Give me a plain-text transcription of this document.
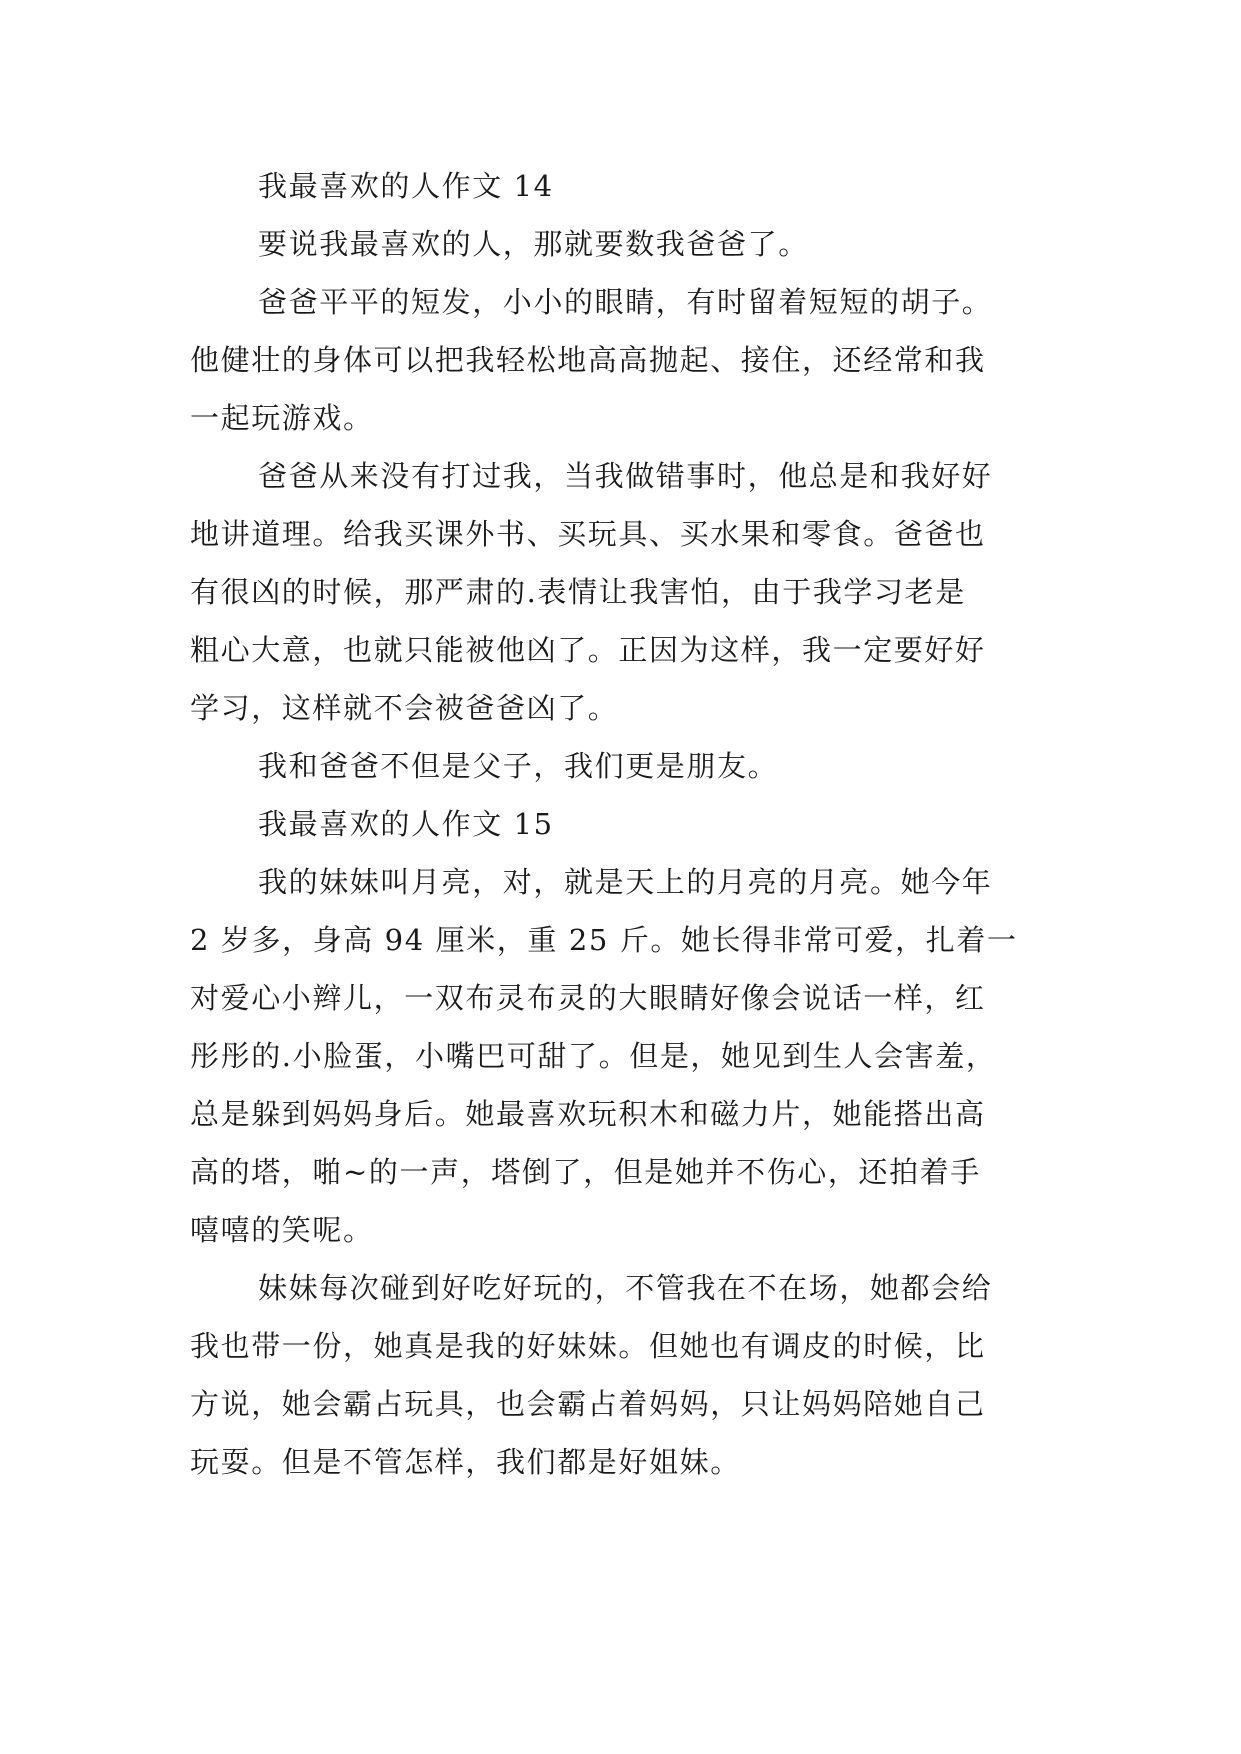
我最喜欢的人作文 14
要说我最喜欢的人，那就要数我爸爸了。
爸爸平平的短发，小小的眼睛，有时留着短短的胡子。
他健壮的身体可以把我轻松地高高抛起、接住，还经常和我
一起玩游戏。
爸爸从来没有打过我，当我做错事时，他总是和我好好
地讲道理。给我买课外书、买玩具、买水果和零食。爸爸也
有很凶的时候，那严肃的.表情让我害怕，由于我学习老是
粗心大意，也就只能被他凶了。正因为这样，我一定要好好
学习，这样就不会被爸爸凶了。
我和爸爸不但是父子，我们更是朋友。
我最喜欢的人作文 15
我的妹妹叫月亮，对，就是天上的月亮的月亮。她今年
2 岁多，身高 94 厘米，重 25 斤。她长得非常可爱，扎着一
对爱心小辫儿，一双布灵布灵的大眼睛好像会说话一样，红
彤彤的.小脸蛋，小嘴巴可甜了。但是，她见到生人会害羞，
总是躲到妈妈身后。她最喜欢玩积木和磁力片，她能搭出高
高的塔，啪~的一声，塔倒了，但是她并不伤心，还拍着手
嘻嘻的笑呢。
妹妹每次碰到好吃好玩的，不管我在不在场，她都会给
我也带一份，她真是我的好妹妹。但她也有调皮的时候，比
方说，她会霸占玩具，也会霸占着妈妈，只让妈妈陪她自己
玩耍。但是不管怎样，我们都是好姐妹。
